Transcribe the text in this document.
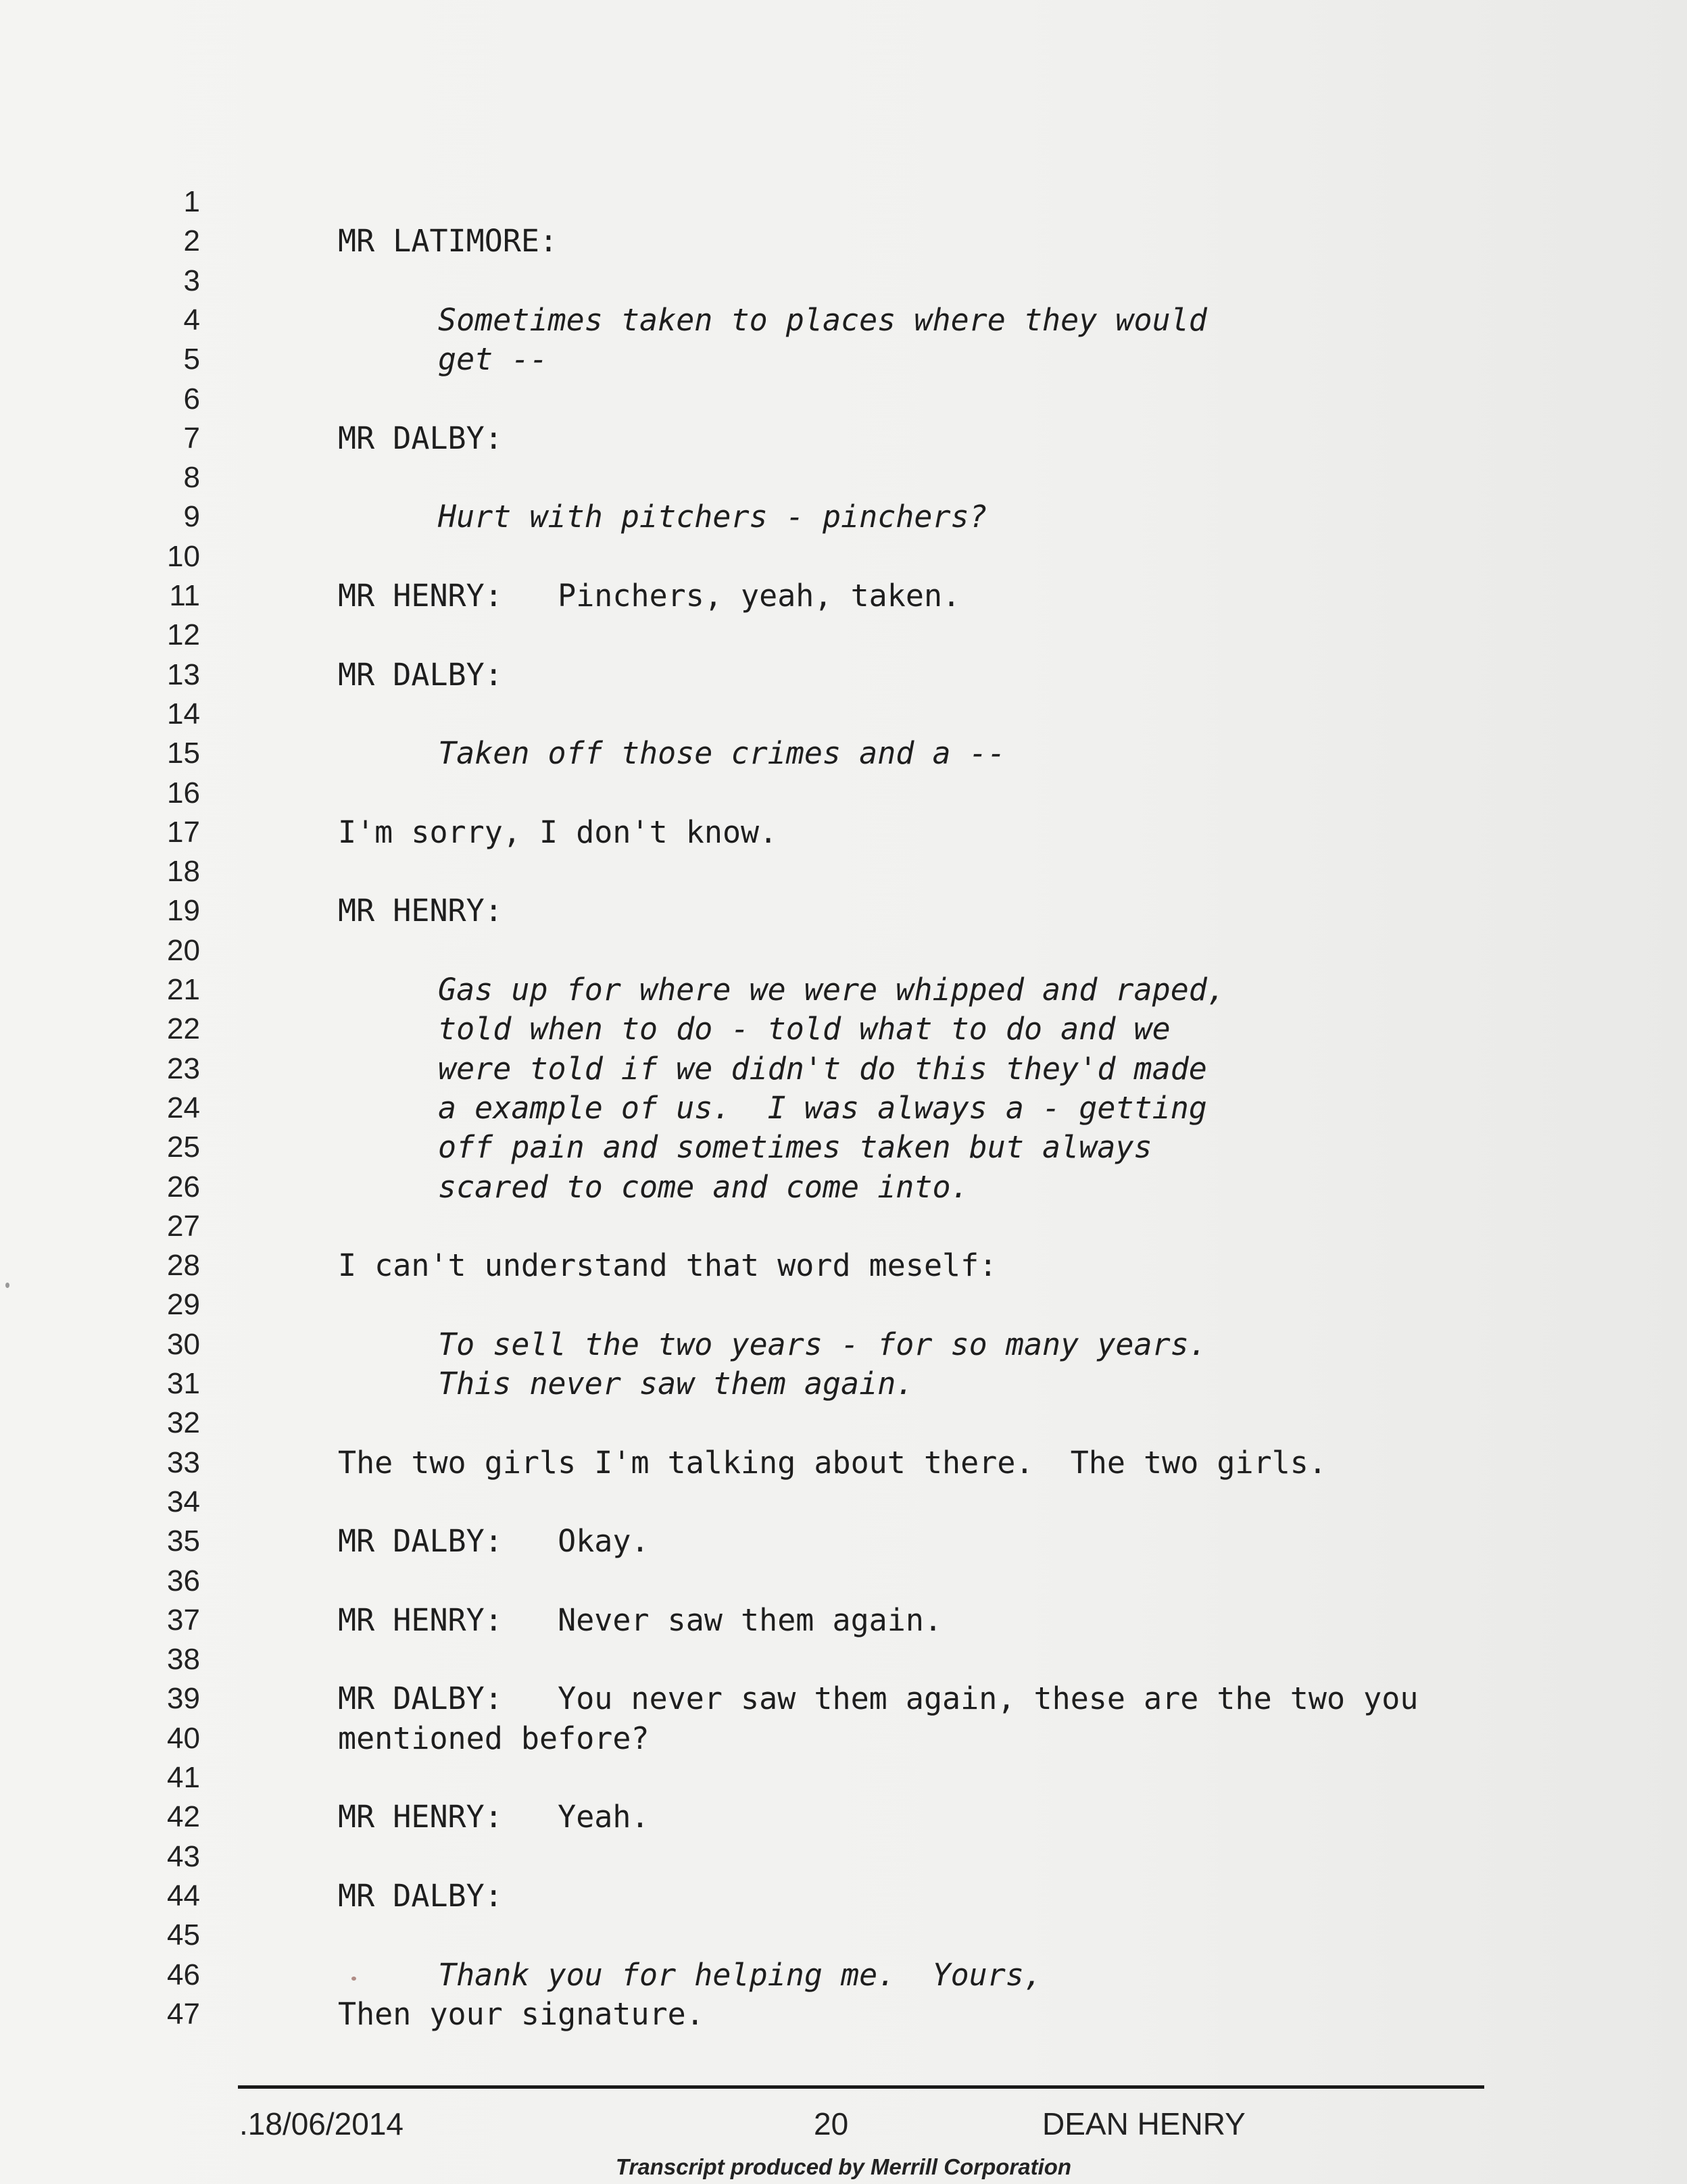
1
2	MR LATIMORE:
3
4	Sometimes taken to places where they would
5	get --
6
7	MR DALBY:
8
9	Hurt with pitchers - pinchers?
10
11	MR HENRY:   Pinchers, yeah, taken.
12
13	MR DALBY:
14
15	Taken off those crimes and a --
16
17	I'm sorry, I don't know.
18
19	MR HENRY:
20
21	Gas up for where we were whipped and raped,
22	told when to do - told what to do and we
23	were told if we didn't do this they'd made
24	a example of us.  I was always a - getting
25	off pain and sometimes taken but always
26	scared to come and come into.
27
28	I can't understand that word meself:
29
30	To sell the two years - for so many years.
31	This never saw them again.
32
33	The two girls I'm talking about there.  The two girls.
34
35	MR DALBY:   Okay.
36
37	MR HENRY:   Never saw them again.
38
39	MR DALBY:   You never saw them again, these are the two you
40	mentioned before?
41
42	MR HENRY:   Yeah.
43
44	MR DALBY:
45
46	Thank you for helping me.  Yours,
47	Then your signature.
.18/06/2014	20	DEAN HENRY
Transcript produced by Merrill Corporation
